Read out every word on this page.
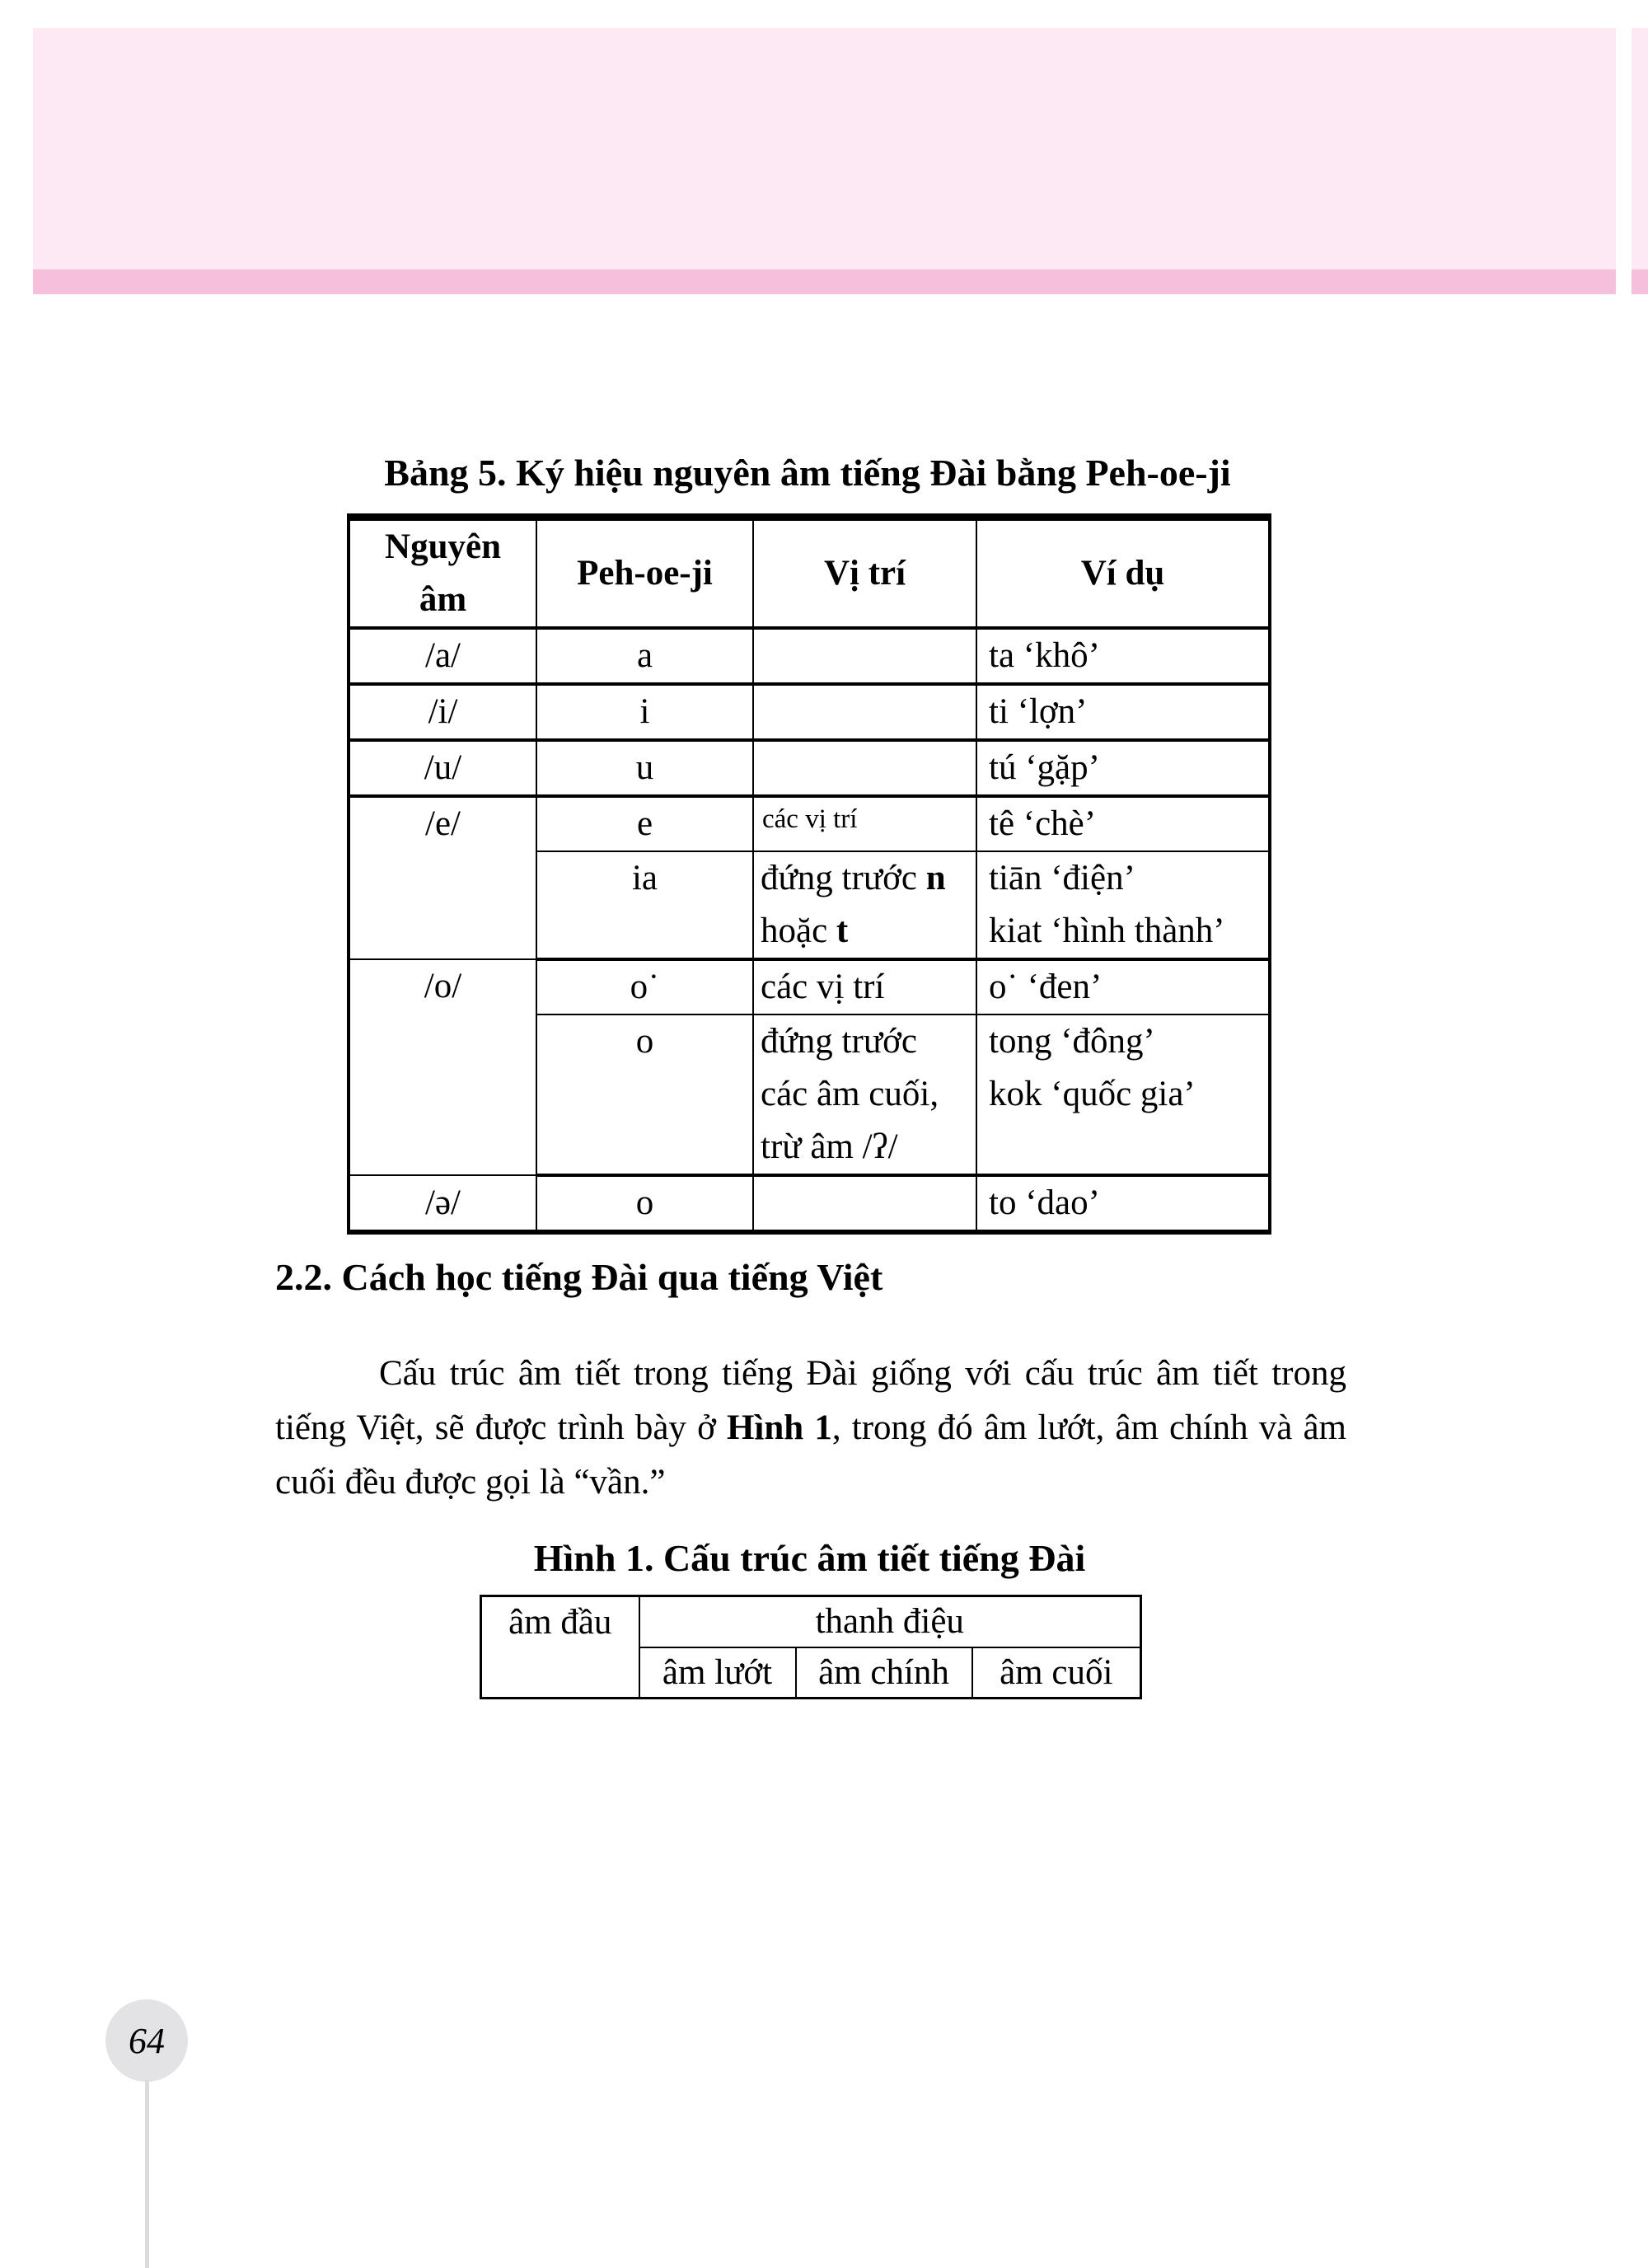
Bảng 5. Ký hiệu nguyên âm tiếng Đài bằng Peh-oe-ji
Nguyên âm	Peh-oe-ji	Vị trí	Ví dụ
/a/	a		ta ‘khô’
/i/	i		ti ‘lợn’
/u/	u		tú ‘gặp’
/e/	e	các vị trí	tê ‘chè’
	ia	đứng trước n hoặc t	tiān ‘điện’
kiat ‘hình thành’

/o/	o˙	các vị trí	o˙ ‘đen’
	o	đứng trước các âm cuối, trừ âm /ʔ/	tong ‘đông’
kok ‘quốc gia’

/ə/	o		to ‘dao’
2.2. Cách học tiếng Đài qua tiếng Việt

Cấu trúc âm tiết trong tiếng Đài giống với cấu trúc âm tiết trong tiếng Việt, sẽ được trình bày ở Hình 1, trong đó âm lướt, âm chính và âm cuối đều được gọi là “vần.”

Hình 1. Cấu trúc âm tiết tiếng Đài
âm đầu	thanh điệu		
	âm lướt	âm chính	âm cuối
64
